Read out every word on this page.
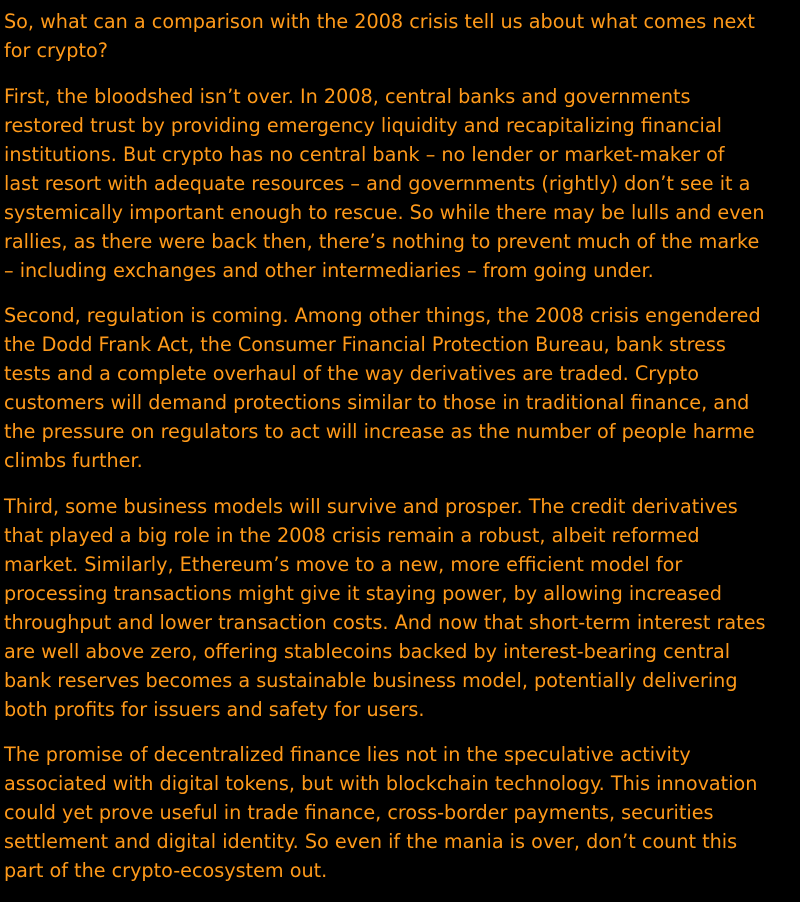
So, what can a comparison with the 2008 crisis tell us about what comes next
for crypto?

First, the bloodshed isn’t over. In 2008, central banks and governments
restored trust by providing emergency liquidity and recapitalizing financial
institutions. But crypto has no central bank – no lender or market-maker of
last resort with adequate resources – and governments (rightly) don’t see it a
systemically important enough to rescue. So while there may be lulls and even
rallies, as there were back then, there’s nothing to prevent much of the marke
– including exchanges and other intermediaries – from going under.

Second, regulation is coming. Among other things, the 2008 crisis engendered
the Dodd Frank Act, the Consumer Financial Protection Bureau, bank stress
tests and a complete overhaul of the way derivatives are traded. Crypto
customers will demand protections similar to those in traditional finance, and
the pressure on regulators to act will increase as the number of people harme
climbs further.

Third, some business models will survive and prosper. The credit derivatives
that played a big role in the 2008 crisis remain a robust, albeit reformed
market. Similarly, Ethereum’s move to a new, more efficient model for
processing transactions might give it staying power, by allowing increased
throughput and lower transaction costs. And now that short-term interest rates
are well above zero, offering stablecoins backed by interest-bearing central
bank reserves becomes a sustainable business model, potentially delivering
both profits for issuers and safety for users.

The promise of decentralized finance lies not in the speculative activity
associated with digital tokens, but with blockchain technology. This innovation
could yet prove useful in trade finance, cross-border payments, securities
settlement and digital identity. So even if the mania is over, don’t count this
part of the crypto-ecosystem out.
